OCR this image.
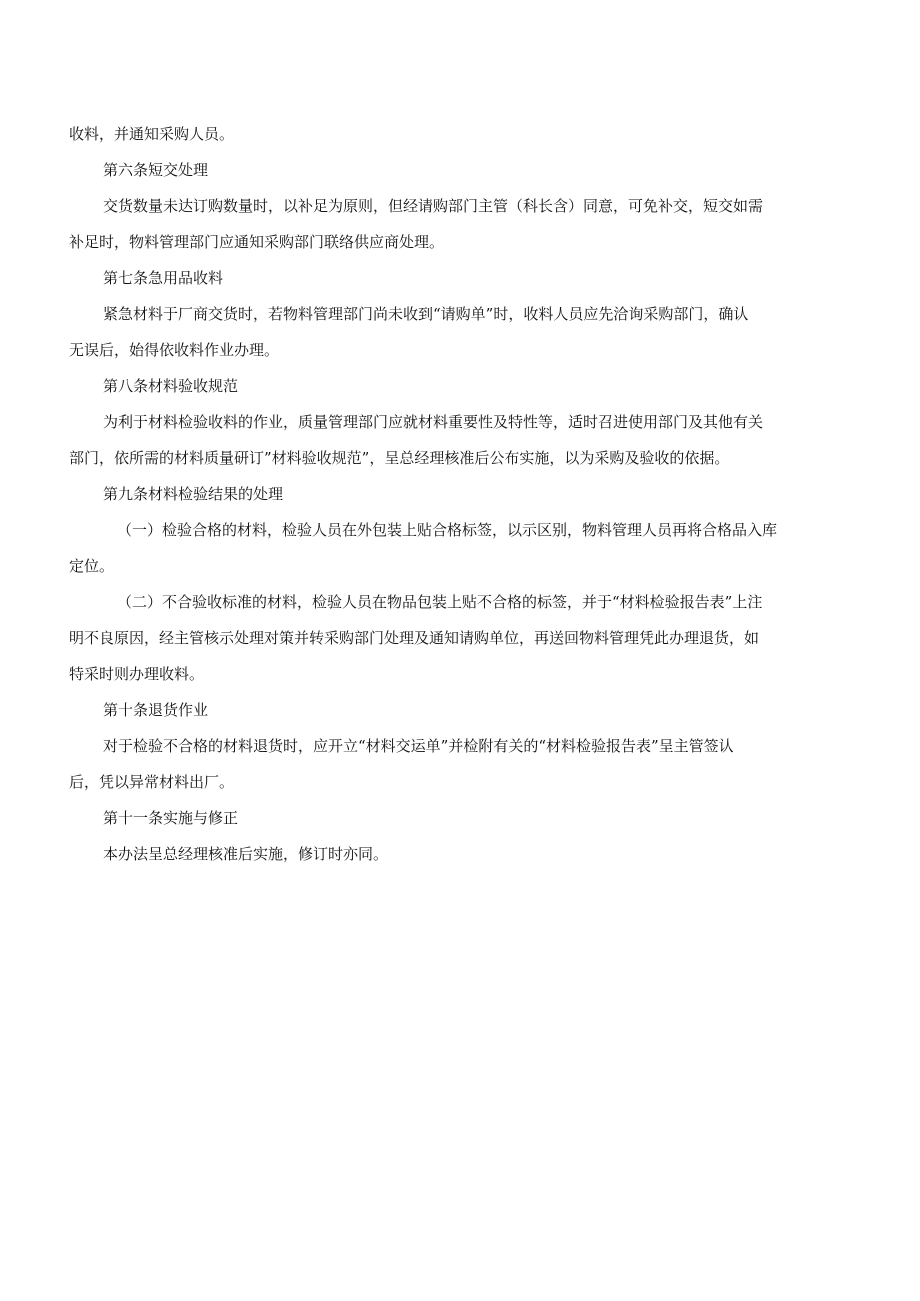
收料，并通知采购人员。

第六条短交处理

交货数量未达订购数量时，以补足为原则，但经请购部门主管（科长含）同意，可免补交，短交如需
补足时，物料管理部门应通知采购部门联络供应商处理。

第七条急用品收料

紧急材料于厂商交货时，若物料管理部门尚未收到“请购单”时，收料人员应先洽询采购部门，确认
无误后，始得依收料作业办理。

第八条材料验收规范

为利于材料检验收料的作业，质量管理部门应就材料重要性及特性等，适时召进使用部门及其他有关
部门，依所需的材料质量研订”材料验收规范”，呈总经理核准后公布实施，以为采购及验收的依据。

第九条材料检验结果的处理

（一）检验合格的材料，检验人员在外包装上贴合格标签，以示区别，物料管理人员再将合格品入库
定位。

（二）不合验收标准的材料，检验人员在物品包装上贴不合格的标签，并于“材料检验报告表”上注
明不良原因，经主管核示处理对策并转采购部门处理及通知请购单位，再送回物料管理凭此办理退货，如
特采时则办理收料。

第十条退货作业

对于检验不合格的材料退货时，应开立“材料交运单”并检附有关的“材料检验报告表”呈主管签认
后，凭以异常材料出厂。

第十一条实施与修正

本办法呈总经理核准后实施，修订时亦同。
